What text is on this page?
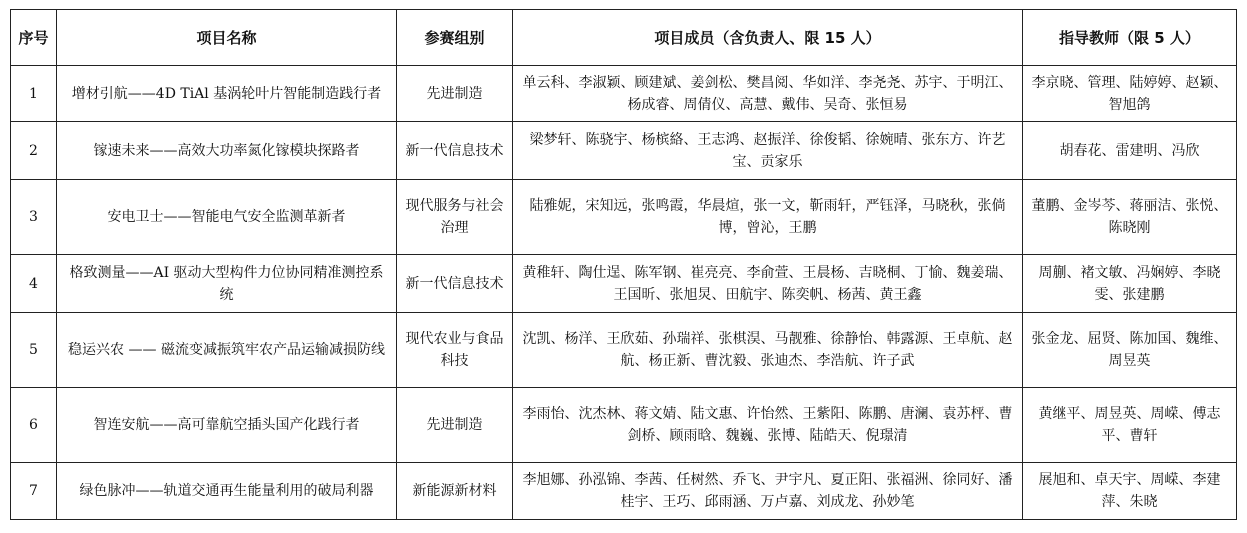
序号	项目名称	参赛组别	项目成员（含负责人、限 15 人）	指导教师（限 5 人）
1	增材引航——4D TiAl 基涡轮叶片智能制造践行者	先进制造	单云科、李淑颖、顾建斌、姜剑松、樊昌阅、华如洋、李尧尧、苏宇、于明江、杨成睿、周倩仪、高慧、戴伟、吴奇、张恒易	李京晓、管理、陆婷婷、赵颖、智旭鸽
2	镓速未来——高效大功率氮化镓模块探路者	新一代信息技术	梁梦轩、陈骁宇、杨槟絡、王志鸿、赵振洋、徐俊韬、徐婉晴、张东方、许艺宝、贡家乐	胡春花、雷建明、冯欣
3	安电卫士——智能电气安全监测革新者	现代服务与社会治理	陆雅妮，宋知远，张鸣霞，华晨煊，张一文，靳雨轩，严钰泽，马晓秋，张倘博，曾沁，王鹏	董鹏、金岑芩、蒋丽洁、张悦、陈晓刚
4	格致测量——AI 驱动大型构件力位协同精准测控系统	新一代信息技术	黄稚轩、陶仕逞、陈军钢、崔亮亮、李俞萱、王晨杨、吉晓桐、丁愉、魏姜瑞、王国昕、张旭炅、田航宇、陈奕帆、杨茜、黄王鑫	周蒯、褚文敏、冯娴婷、李晓雯、张建鹏
5	稳运兴农 —— 磁流变减振筑牢农产品运输减损防线	现代农业与食品科技	沈凯、杨洋、王欣茹、孙瑞祥、张棋淏、马靓雅、徐静怡、韩露源、王卓航、赵航、杨正新、曹沈毅、张迪杰、李浩航、许子武	张金龙、屈贤、陈加国、魏维、周昱英
6	智连安航——高可靠航空插头国产化践行者	先进制造	李雨怡、沈杰林、蒋文婧、陆文惠、许怡然、王紫阳、陈鹏、唐澜、袁苏枰、曹剑桥、顾雨晗、魏巍、张博、陆皓天、倪璟清	黄继平、周昱英、周嵘、傅志平、曹轩
7	绿色脉冲——轨道交通再生能量利用的破局利器	新能源新材料	李旭娜、孙泓锦、李茜、任树然、乔飞、尹宇凡、夏正阳、张福洲、徐同好、潘桂宇、王巧、邱雨涵、万卢嘉、刘成龙、孙妙笔	展旭和、卓天宇、周嵘、李建萍、朱晓
